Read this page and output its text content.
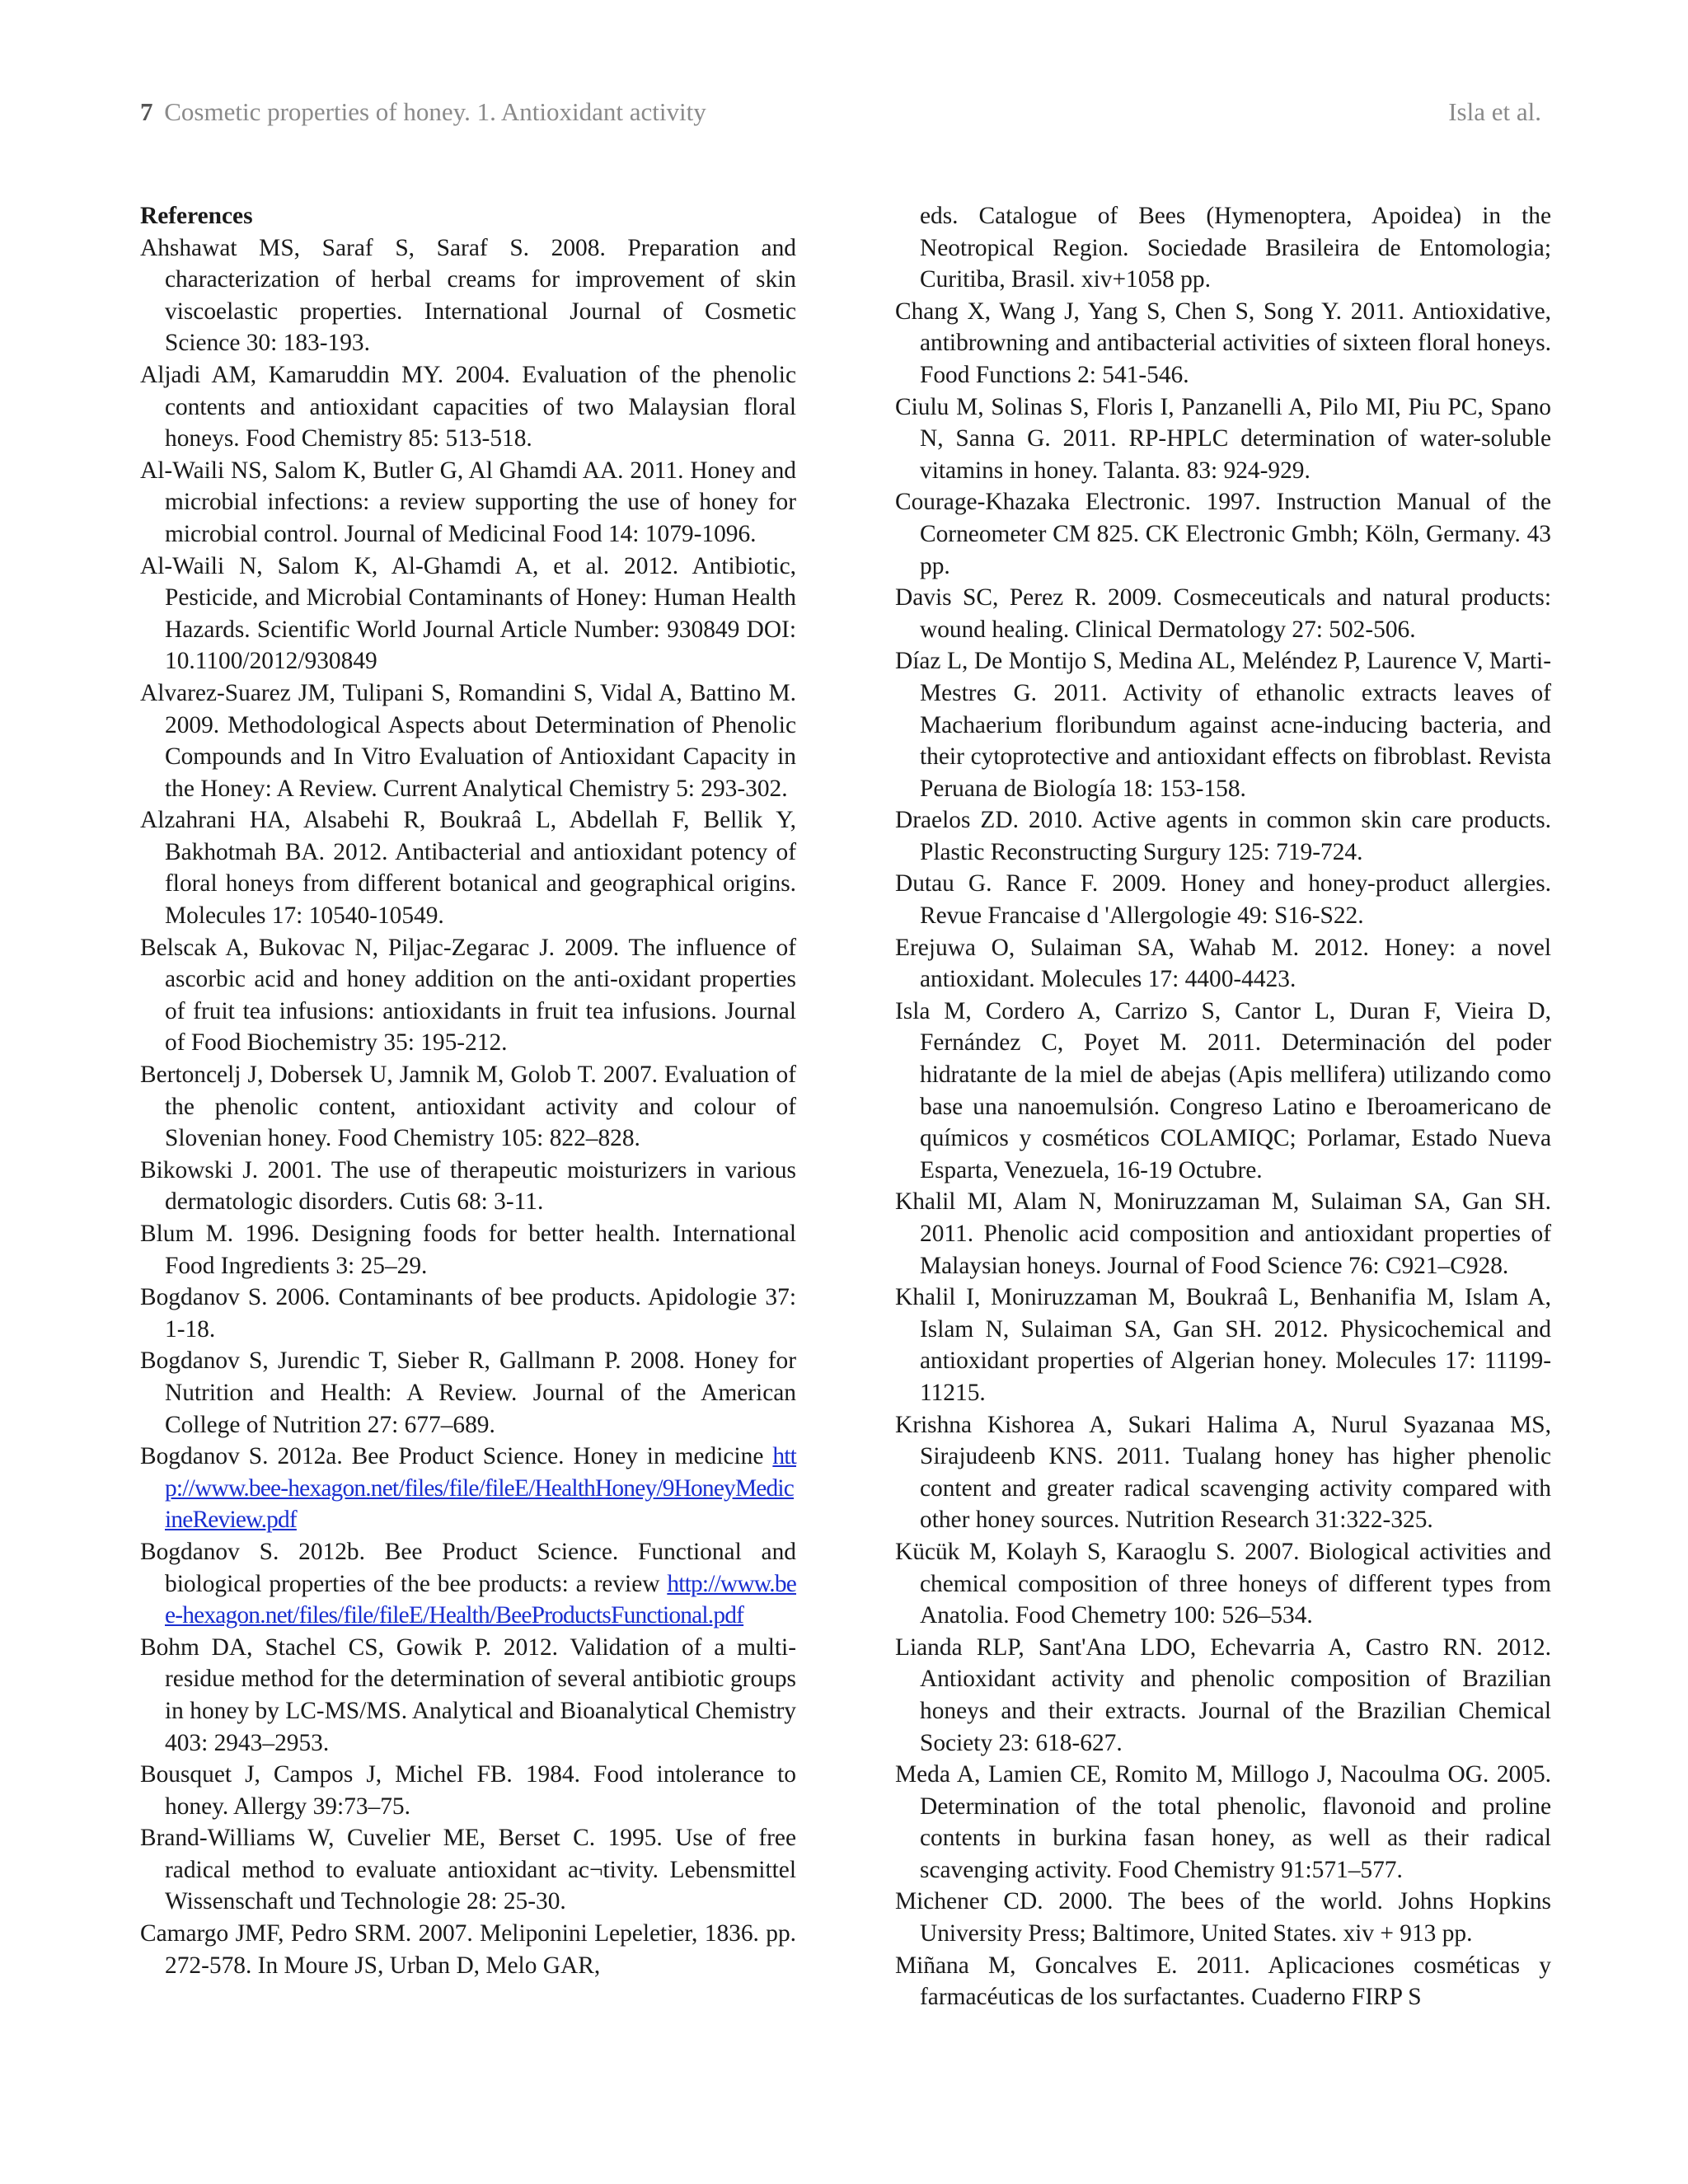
7 Cosmetic properties of honey. 1. Antioxidant activity	Isla et al.

References

Ahshawat MS, Saraf S, Saraf S. 2008. Preparation and characterization of herbal creams for improvement of skin viscoelastic properties. International Journal of Cosmetic Science 30: 183-193.

Aljadi AM, Kamaruddin MY. 2004. Evaluation of the phenolic contents and antioxidant capacities of two Malaysian floral honeys. Food Chemistry 85: 513-518.

Al-Waili NS, Salom K, Butler G, Al Ghamdi AA. 2011. Honey and microbial infections: a review supporting the use of honey for microbial control. Journal of Medicinal Food 14: 1079-1096.

Al-Waili N, Salom K, Al-Ghamdi A, et al. 2012. Antibiotic, Pesticide, and Microbial Contaminants of Honey: Human Health Hazards. Scientific World Journal Article Number: 930849 DOI: 10.1100/2012/930849

Alvarez-Suarez JM, Tulipani S, Romandini S, Vidal A, Battino M. 2009. Methodological Aspects about Determination of Phenolic Compounds and In Vitro Evaluation of Antioxidant Capacity in the Honey: A Review. Current Analytical Chemistry 5: 293-302.

Alzahrani HA, Alsabehi R, Boukraâ L, Abdellah F, Bellik Y, Bakhotmah BA. 2012. Antibacterial and antioxidant potency of floral honeys from different botanical and geographical origins. Molecules 17: 10540-10549.

Belscak A, Bukovac N, Piljac-Zegarac J. 2009. The influence of ascorbic acid and honey addition on the anti-oxidant properties of fruit tea infusions: antioxidants in fruit tea infusions. Journal of Food Biochemistry 35: 195-212.

Bertoncelj J, Dobersek U, Jamnik M, Golob T. 2007. Evaluation of the phenolic content, antioxidant activity and colour of Slovenian honey. Food Chemistry 105: 822–828.

Bikowski J. 2001. The use of therapeutic moisturizers in various dermatologic disorders. Cutis 68: 3-11.

Blum M. 1996. Designing foods for better health. International Food Ingredients 3: 25–29.

Bogdanov S. 2006. Contaminants of bee products. Apidologie 37: 1-18.

Bogdanov S, Jurendic T, Sieber R, Gallmann P. 2008. Honey for Nutrition and Health: A Review. Journal of the American College of Nutrition 27: 677–689.

Bogdanov S. 2012a. Bee Product Science. Honey in medicine http://www.bee-hexagon.net/files/file/fileE/HealthHoney/9HoneyMedicineReview.pdf

Bogdanov S. 2012b. Bee Product Science. Functional and biological properties of the bee products: a review http://www.bee-hexagon.net/files/file/fileE/Health/BeeProductsFunctional.pdf

Bohm DA, Stachel CS, Gowik P. 2012. Validation of a multi-residue method for the determination of several antibiotic groups in honey by LC-MS/MS. Analytical and Bioanalytical Chemistry 403: 2943–2953.

Bousquet J, Campos J, Michel FB. 1984. Food intolerance to honey. Allergy 39:73–75.

Brand-Williams W, Cuvelier ME, Berset C. 1995. Use of free radical method to evaluate antioxidant ac¬tivity. Lebensmittel Wissenschaft und Technologie 28: 25-30.

Camargo JMF, Pedro SRM. 2007. Meliponini Lepeletier, 1836. pp. 272-578. In Moure JS, Urban D, Melo GAR,

eds. Catalogue of Bees (Hymenoptera, Apoidea) in the Neotropical Region. Sociedade Brasileira de Entomologia; Curitiba, Brasil. xiv+1058 pp.

Chang X, Wang J, Yang S, Chen S, Song Y. 2011. Antioxidative, antibrowning and antibacterial activities of sixteen floral honeys. Food Functions 2: 541-546.

Ciulu M, Solinas S, Floris I, Panzanelli A, Pilo MI, Piu PC, Spano N, Sanna G. 2011. RP-HPLC determination of water-soluble vitamins in honey. Talanta. 83: 924-929.

Courage-Khazaka Electronic. 1997. Instruction Manual of the Corneometer CM 825. CK Electronic Gmbh; Köln, Germany. 43 pp.

Davis SC, Perez R. 2009. Cosmeceuticals and natural products: wound healing. Clinical Dermatology 27: 502-506.

Díaz L, De Montijo S, Medina AL, Meléndez P, Laurence V, Marti-Mestres G. 2011. Activity of ethanolic extracts leaves of Machaerium floribundum against acne-inducing bacteria, and their cytoprotective and antioxidant effects on fibroblast. Revista Peruana de Biología 18: 153-158.

Draelos ZD. 2010. Active agents in common skin care products. Plastic Reconstructing Surgury 125: 719-724.

Dutau G. Rance F. 2009. Honey and honey-product allergies. Revue Francaise d 'Allergologie 49: S16-S22.

Erejuwa O, Sulaiman SA, Wahab M. 2012. Honey: a novel antioxidant. Molecules 17: 4400-4423.

Isla M, Cordero A, Carrizo S, Cantor L, Duran F, Vieira D, Fernández C, Poyet M. 2011. Determinación del poder hidratante de la miel de abejas (Apis mellifera) utilizando como base una nanoemulsión. Congreso Latino e Iberoamericano de químicos y cosméticos COLAMIQC; Porlamar, Estado Nueva Esparta, Venezuela, 16-19 Octubre.

Khalil MI, Alam N, Moniruzzaman M, Sulaiman SA, Gan SH. 2011. Phenolic acid composition and antioxidant properties of Malaysian honeys. Journal of Food Science 76: C921–C928.

Khalil I, Moniruzzaman M, Boukraâ L, Benhanifia M, Islam A, Islam N, Sulaiman SA, Gan SH. 2012. Physicochemical and antioxidant properties of Algerian honey. Molecules 17: 11199-11215.

Krishna Kishorea A, Sukari Halima A, Nurul Syazanaa MS, Sirajudeenb KNS. 2011. Tualang honey has higher phenolic content and greater radical scavenging activity compared with other honey sources. Nutrition Research 31:322-325.

Kücük M, Kolayh S, Karaoglu S. 2007. Biological activities and chemical composition of three honeys of different types from Anatolia. Food Chemetry 100: 526–534.

Lianda RLP, Sant'Ana LDO, Echevarria A, Castro RN. 2012. Antioxidant activity and phenolic composition of Brazilian honeys and their extracts. Journal of the Brazilian Chemical Society 23: 618-627.

Meda A, Lamien CE, Romito M, Millogo J, Nacoulma OG. 2005. Determination of the total phenolic, flavonoid and proline contents in burkina fasan honey, as well as their radical scavenging activity. Food Chemistry 91:571–577.

Michener CD. 2000. The bees of the world. Johns Hopkins University Press; Baltimore, United States. xiv + 913 pp.

Miñana M, Goncalves E. 2011. Aplicaciones cosméticas y farmacéuticas de los surfactantes. Cuaderno FIRP S
